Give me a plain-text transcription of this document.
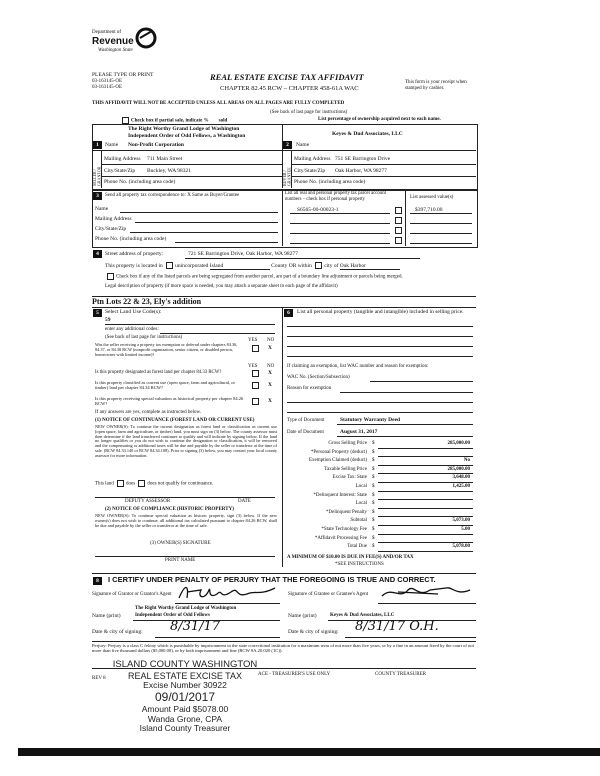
Department of
Revenue
Washington State
PLEASE TYPE OR PRINT
03-163145-OE
03-163145-OE
REAL ESTATE EXCISE TAX AFFIDAVIT
CHAPTER 82.45 RCW – CHAPTER 458-61A WAC
This form is your receipt when stamped by cashier.
THIS AFFIDAVIT WILL NOT BE ACCEPTED UNLESS ALL AREAS ON ALL PAGES ARE FULLY COMPLETED
(See back of last page for instructions)
Check box if partial sale, indicate % sold	List percentage of ownership acquired next to each name.
The Right Worthy Grand Lodge of Washington
Independent Order of Odd Fellows, a Washington
1	Name Non-Profit Corporation
SELLER / GRANTOR
Mailing Address 711 Main Street
City/State/Zip Buckley, WA 98321
Phone No. (including area code)
Keyes & Dud Associates, LLC
2	Name
BUYER / GRANTEE
Mailing Address 751 SE Barrington Drive
City/State/Zip Oak Harbor, WA 98277
Phone No. (including area code)
3	Send all property tax correspondence to: X Same as Buyer/Grantee
Name
Mailing Address
City/State/Zip
Phone No. (including area code)
List all real and personal property tax parcel account numbers – check box if personal property	List assessed value(s)
S6565-00-00023-1	$397,710.00
4	Street address of property:	721 SE Barrington Drive, Oak Harbor, WA 98277
This property is located in unincorporated Island	County OR within city of Oak Harbor
Check box if any of the listed parcels are being segregated from another parcel, are part of a boundary line adjustment or parcels being merged.
Legal description of property (if more space is needed, you may attach a separate sheet to each page of the affidavit)
Ptn Lots 22 & 23, Ely's addition
5	Select Land Use Code(s):
59
enter any additional codes:
(See back of last page for instructions)
YES NO
Was the seller receiving a property tax exemption or deferral under chapters 84.36, 84.37, or 84.38 RCW (nonprofit organization, senior citizen, or disabled person, homeowner with limited income)?
X
YES NO
Is this property designated as forest land per chapter 84.33 RCW?	X
Is this property classified as current use (open space, farm and agricultural, or timber) land per chapter 84.34 RCW?	X
Is this property receiving special valuation as historical property per chapter 84.26 RCW?	X
If any answers are yes, complete as instructed below.
(1) NOTICE OF CONTINUANCE (FOREST LAND OR CURRENT USE)
NEW OWNER(S): To continue the current designation as forest land or classification as current use (open space, farm and agriculture, or timber) land, you must sign on (3) below. The county assessor must then determine if the land transferred continues to qualify and will indicate by signing below. If the land no longer qualifies or you do not wish to continue the designation or classification, it will be removed and the compensating or additional taxes will be due and payable by the seller or transferor at the time of sale. (RCW 84.33.140 or RCW 84.34.108). Prior to signing (3) below, you may contact your local county assessor for more information.
This land does does not qualify for continuance.
DEPUTY ASSESSOR	DATE
(2) NOTICE OF COMPLIANCE (HISTORIC PROPERTY)
NEW OWNER(S): To continue special valuation as historic property, sign (3) below. If the new owner(s) does not wish to continue, all additional tax calculated pursuant to chapter 84.26 RCW, shall be due and payable by the seller or transferor at the time of sale.
(3) OWNER(S) SIGNATURE
PRINT NAME
6	List all personal property (tangible and intangible) included in selling price.
If claiming an exemption, list WAC number and reason for exemption:
WAC No. (Section/Subsection)
Reason for exemption
Type of Document	Statutory Warranty Deed
Date of Document	August 31, 2017
Gross Selling Price $	285,000.00
*Personal Property (deduct) $
Exemption Claimed (deduct) $	No
Taxable Selling Price $	285,000.00
Excise Tax: State $	3,648.00
Local $	1,425.00
*Delinquent Interest: State $
Local $
*Delinquent Penalty $
Subtotal $	5,073.00
*State Technology Fee $	5.00
*Affidavit Processing Fee $
Total Due $	5,078.00
A MINIMUM OF $10.00 IS DUE IN FEE(S) AND/OR TAX
*SEE INSTRUCTIONS
8	I CERTIFY UNDER PENALTY OF PERJURY THAT THE FOREGOING IS TRUE AND CORRECT.
Signature of Grantor or Grantor's Agent	Signature of Grantee or Grantee's Agent
The Right Worthy Grand Lodge of Washington
Name (print)	Independent Order of Odd Fellows	Name (print)	Keyes & Dud Associates, LLC
Date & city of signing: 8/31/17	Date & city of signing: 8/31/17 O.H.
Perjury: Perjury is a class C felony which is punishable by imprisonment in the state correctional institution for a maximum term of not more than five years, or by a fine in an amount fixed by the court of not more than five thousand dollars ($5,000.00), or by both imprisonment and fine (RCW 9A.20.020 (1C)).
REV 8
ACE - TREASURER'S USE ONLY	COUNTY TREASURER
ISLAND COUNTY WASHINGTON
REAL ESTATE EXCISE TAX
Excise Number 30922
09/01/2017
Amount Paid $5078.00
Wanda Grone, CPA
Island County Treasurer
